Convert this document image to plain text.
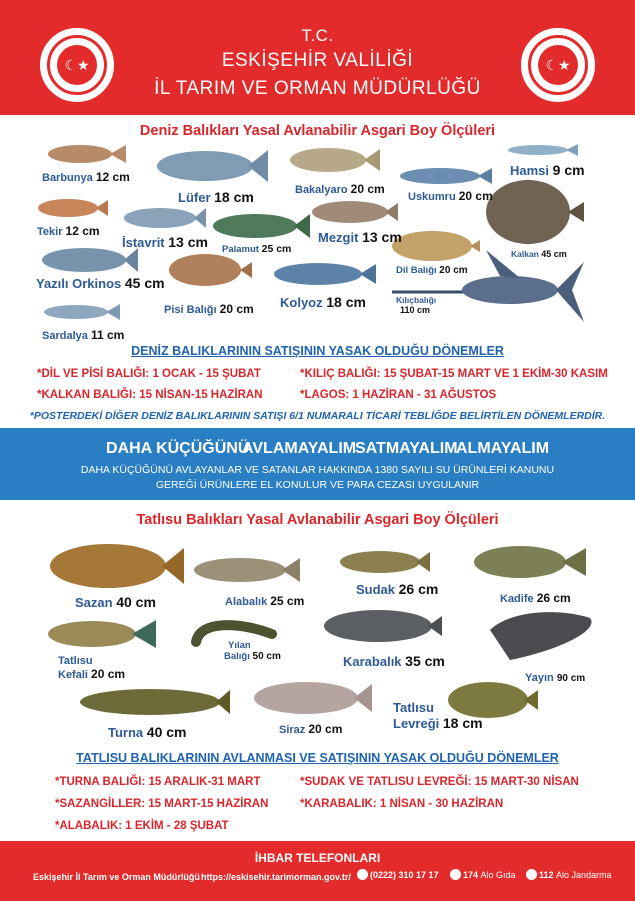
☾★	☾★
T.C.
ESKİŞEHİR VALİLİĞİ
İL TARIM VE ORMAN MÜDÜRLÜĞÜ
Deniz Balıkları Yasal Avlanabilir Asgari Boy Ölçüleri
Barbunya 12 cm
Lüfer 18 cm	Bakalyaro 20 cm
Uskumru 20 cm
Hamsi 9 cm
Tekir 12 cm
İstavrit 13 cm Palamut 25 cm
Mezgit 13 cm
Kalkan 45 cm
Yazılı Orkinos 45 cm
Dil Balığı 20 cm
Pisi Balığı 20 cm Kolyoz 18 cm	Kılıçbalığı
110 cm
Sardalya 11 cm
DENİZ BALIKLARININ SATIŞININ YASAK OLDUĞU DÖNEMLER
*DİL VE PİSİ BALIĞI: 1 OCAK - 15 ŞUBAT	*KILIÇ BALIĞI: 15 ŞUBAT-15 MART VE 1 EKİM-30 KASIM
*KALKAN BALIĞI: 15 NİSAN-15 HAZİRAN	*LAGOS: 1 HAZİRAN - 31 AĞUSTOS
*POSTERDEKİ DİĞER DENİZ BALIKLARININ SATIŞI 6/1 NUMARALI TİCARİ TEBLİĞDE BELİRTİLEN DÖNEMLERDİR.
DAHA KÜÇÜĞÜNÜ
AVLAMAYALIM
SATMAYALIM
ALMAYALIM
DAHA KÜÇÜĞÜNÜ AVLAYANLAR VE SATANLAR HAKKINDA 1380 SAYILI SU ÜRÜNLERİ KANUNU
GEREĞİ ÜRÜNLERE EL KONULUR VE PARA CEZASI UYGULANIR
Tatlısu Balıkları Yasal Avlanabilir Asgari Boy Ölçüleri
Sazan 40 cm	Alabalık 25 cm
Sudak 26 cm
Kadife 26 cm
Tatlısu
Kefali 20 cm
Yılan
Balığı 50 cm	Karabalık 35 cm
Yayın 90 cm
Turna 40 cm	Siraz 20 cm
Tatlısu
Levreği 18 cm
TATLISU BALIKLARININ AVLANMASI VE SATIŞININ YASAK OLDUĞU DÖNEMLER
*TURNA BALIĞI: 15 ARALIK-31 MART	*SUDAK VE TATLISU LEVREĞİ: 15 MART-30 NİSAN
*SAZANGİLLER: 15 MART-15 HAZİRAN	*KARABALIK: 1 NİSAN - 30 HAZİRAN
*ALABALIK: 1 EKİM - 28 ŞUBAT
İHBAR TELEFONLARI
Eskişehir İl Tarım ve Orman Müdürlüğü https://eskisehir.tarimorman.gov.tr/	(0222) 310 17 17	174 Alo Gıda	112 Alo Jandarma
